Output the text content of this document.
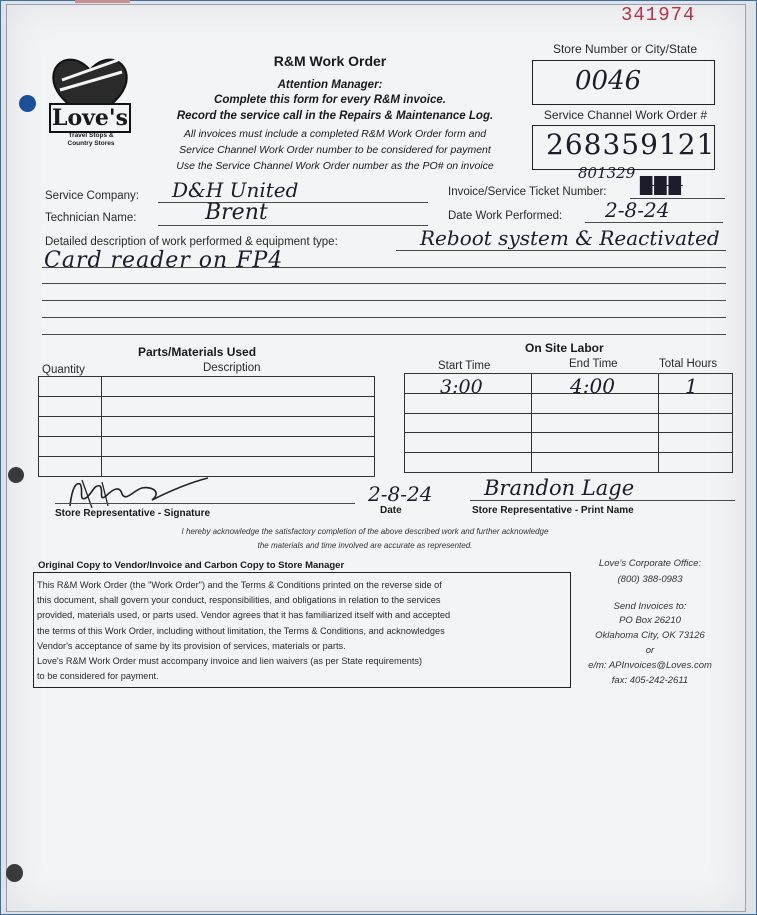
341974
Love's
Travel Stops & Country Stores
R&M Work Order
Attention Manager:
Complete this form for every R&M invoice.
Record the service call in the Repairs & Maintenance Log.
All invoices must include a completed R&M Work Order form and
Service Channel Work Order number to be considered for payment
Use the Service Channel Work Order number as the PO# on invoice
Store Number or City/State
0046
Service Channel Work Order #
268359121
Service Company: D&H United
Technician Name:	Brent
Invoice/Service Ticket Number:
801329
███
Date Work Performed: 2-8-24
Detailed description of work performed & equipment type:	Reboot system & Reactivated
Card reader on FP4
Parts/Materials Used
Quantity	Description

On Site Labor
Start Time	End Time	Total Hours

3:00	4:00	1
Store Representative - Signature
2-8-24
Date
Brandon Lage
Store Representative - Print Name
I hereby acknowledge the satisfactory completion of the above described work and further acknowledge
the materials and time involved are accurate as represented.
Original Copy to Vendor/Invoice and Carbon Copy to Store Manager
This R&M Work Order (the "Work Order") and the Terms & Conditions printed on the reverse side of
this document, shall govern your conduct, responsibilities, and obligations in relation to the services
provided, materials used, or parts used. Vendor agrees that it has familiarized itself with and accepted
the terms of this Work Order, including without limitation, the Terms & Conditions, and acknowledges
Vendor's acceptance of same by its provision of services, materials or parts.
Love's R&M Work Order must accompany invoice and lien waivers (as per State requirements)
to be considered for payment.
Love's Corporate Office:
(800) 388-0983
Send Invoices to:
PO Box 26210
Oklahoma City, OK 73126
or
e/m: APInvoices@Loves.com
fax: 405-242-2611
